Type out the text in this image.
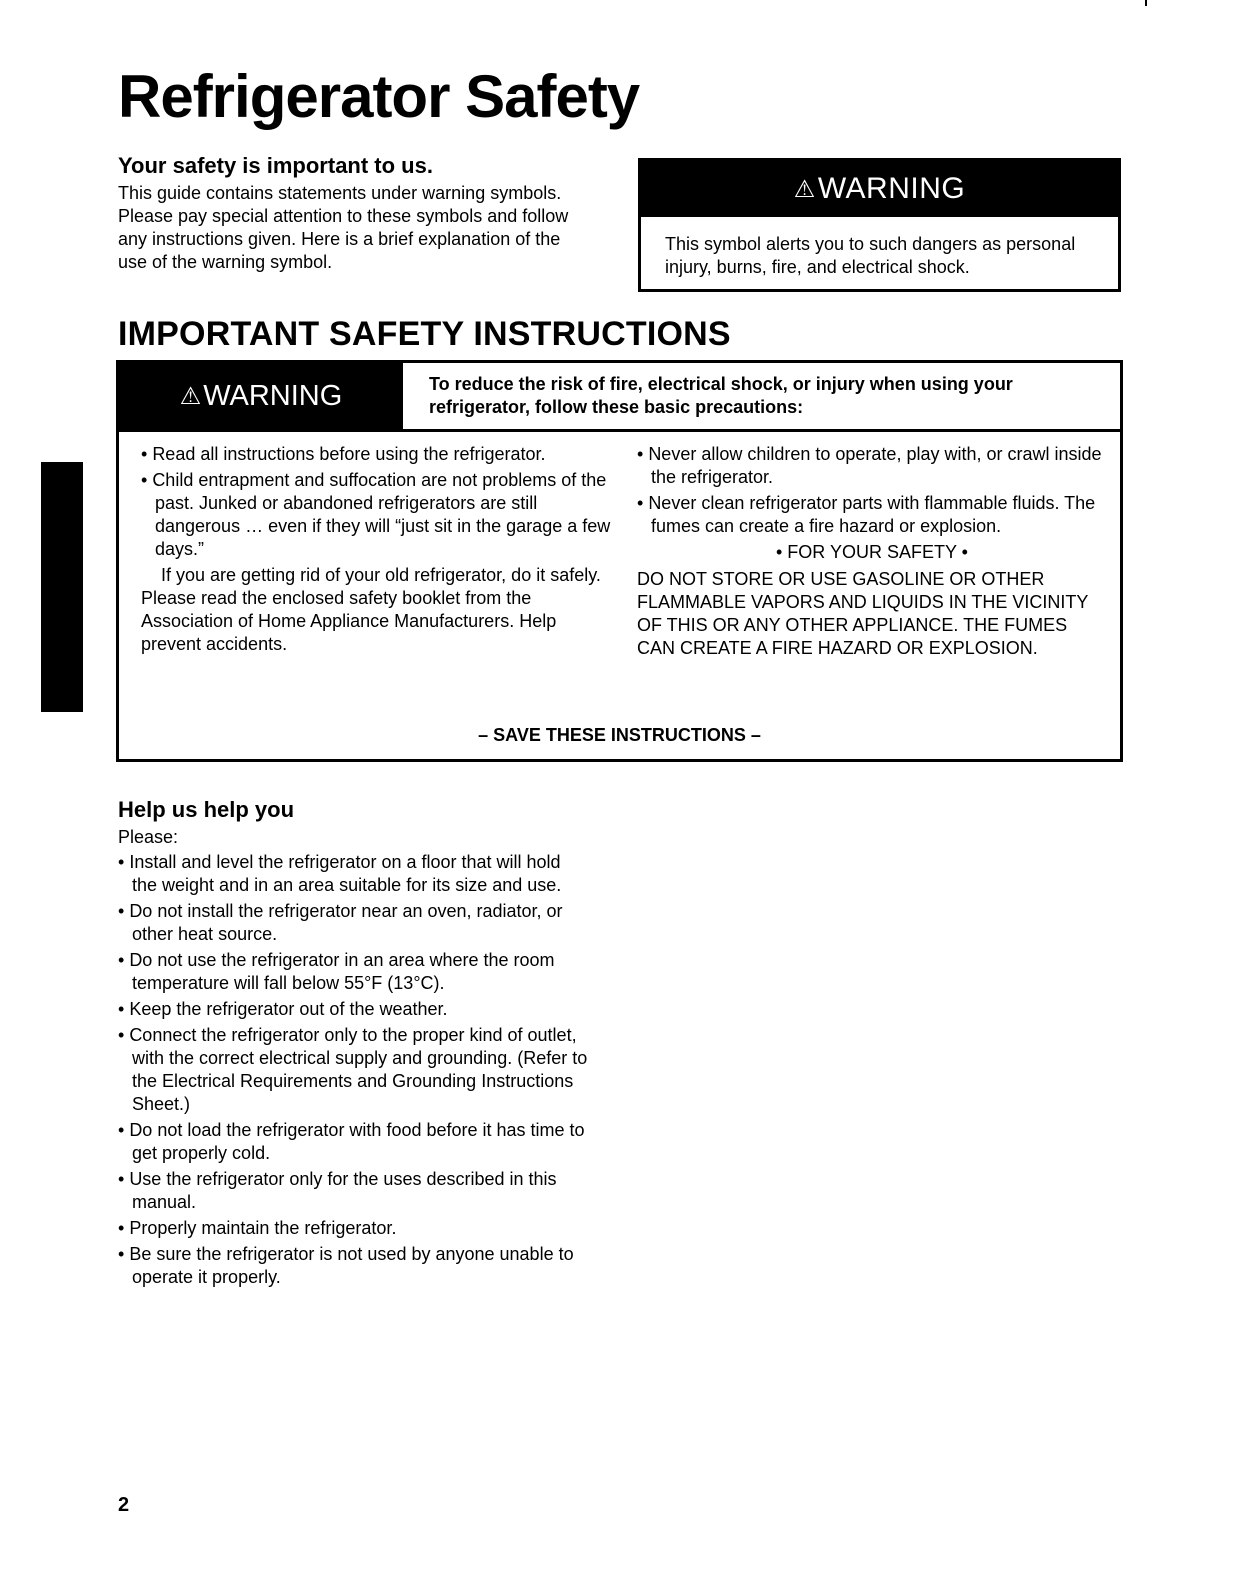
Refrigerator Safety
Your safety is important to us.

This guide contains statements under warning symbols. Please pay special attention to these symbols and follow any instructions given. Here is a brief explanation of the use of the warning symbol.

⚠ WARNING
This symbol alerts you to such dangers as personal injury, burns, fire, and electrical shock.
IMPORTANT SAFETY INSTRUCTIONS
⚠ WARNING	To reduce the risk of fire, electrical shock, or injury when using your refrigerator, follow these basic precautions:
• Read all instructions before using the refrigerator.
• Child entrapment and suffocation are not problems of the past. Junked or abandoned refrigerators are still dangerous … even if they will “just sit in the garage a few days.”

If you are getting rid of your old refrigerator, do it safely. Please read the enclosed safety booklet from the Association of Home Appliance Manufacturers. Help prevent accidents.

• Never allow children to operate, play with, or crawl inside the refrigerator.
• Never clean refrigerator parts with flammable fluids. The fumes can create a fire hazard or explosion.

• FOR YOUR SAFETY •

DO NOT STORE OR USE GASOLINE OR OTHER FLAMMABLE VAPORS AND LIQUIDS IN THE VICINITY OF THIS OR ANY OTHER APPLIANCE. THE FUMES CAN CREATE A FIRE HAZARD OR EXPLOSION.

– SAVE THESE INSTRUCTIONS –
Help us help you

Please:

• Install and level the refrigerator on a floor that will hold the weight and in an area suitable for its size and use.
• Do not install the refrigerator near an oven, radiator, or other heat source.
• Do not use the refrigerator in an area where the room temperature will fall below 55°F (13°C).
• Keep the refrigerator out of the weather.
• Connect the refrigerator only to the proper kind of outlet, with the correct electrical supply and grounding. (Refer to the Electrical Requirements and Grounding Instructions Sheet.)
• Do not load the refrigerator with food before it has time to get properly cold.
• Use the refrigerator only for the uses described in this manual.
• Properly maintain the refrigerator.
• Be sure the refrigerator is not used by anyone unable to operate it properly.

2
